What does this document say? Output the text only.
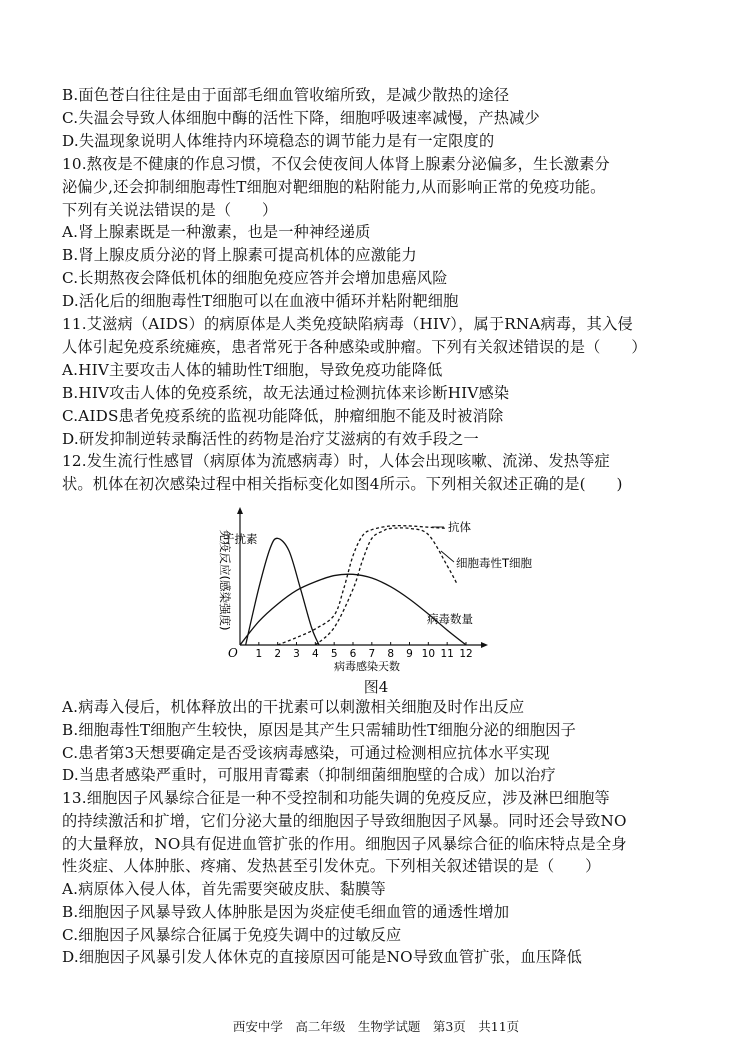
B.面色苍白往往是由于面部毛细血管收缩所致，是减少散热的途径
C.失温会导致人体细胞中酶的活性下降，细胞呼吸速率减慢，产热减少
D.失温现象说明人体维持内环境稳态的调节能力是有一定限度的
10.熬夜是不健康的作息习惯，不仅会使夜间人体肾上腺素分泌偏多，生长激素分
泌偏少,还会抑制细胞毒性T细胞对靶细胞的粘附能力,从而影响正常的免疫功能。
下列有关说法错误的是（　　）
A.肾上腺素既是一种激素，也是一种神经递质
B.肾上腺皮质分泌的肾上腺素可提高机体的应激能力
C.长期熬夜会降低机体的细胞免疫应答并会增加患癌风险
D.活化后的细胞毒性T细胞可以在血液中循环并粘附靶细胞
11.艾滋病（AIDS）的病原体是人类免疫缺陷病毒（HIV），属于RNA病毒，其入侵
人体引起免疫系统瘫痪，患者常死于各种感染或肿瘤。下列有关叙述错误的是（　　）
A.HIV主要攻击人体的辅助性T细胞，导致免疫功能降低
B.HIV攻击人体的免疫系统，故无法通过检测抗体来诊断HIV感染
C.AIDS患者免疫系统的监视功能降低，肿瘤细胞不能及时被消除
D.研发抑制逆转录酶活性的药物是治疗艾滋病的有效手段之一
12.发生流行性感冒（病原体为流感病毒）时，人体会出现咳嗽、流涕、发热等症
状。机体在初次感染过程中相关指标变化如图4所示。下列相关叙述正确的是(　　)
O 1 2 3 4 5 6 7 8 9 10 11 12
病毒感染天数
免疫反应(感染强度)
干扰素
病毒数量
抗体
细胞毒性T细胞
图4
A.病毒入侵后，机体释放出的干扰素可以刺激相关细胞及时作出反应
B.细胞毒性T细胞产生较快，原因是其产生只需辅助性T细胞分泌的细胞因子
C.患者第3天想要确定是否受该病毒感染，可通过检测相应抗体水平实现
D.当患者感染严重时，可服用青霉素（抑制细菌细胞壁的合成）加以治疗
13.细胞因子风暴综合征是一种不受控制和功能失调的免疫反应，涉及淋巴细胞等
的持续激活和扩增，它们分泌大量的细胞因子导致细胞因子风暴。同时还会导致NO
的大量释放，NO具有促进血管扩张的作用。细胞因子风暴综合征的临床特点是全身
性炎症、人体肿胀、疼痛、发热甚至引发休克。下列相关叙述错误的是（　　）
A.病原体入侵人体，首先需要突破皮肤、黏膜等
B.细胞因子风暴导致人体肿胀是因为炎症使毛细血管的通透性增加
C.细胞因子风暴综合征属于免疫失调中的过敏反应
D.细胞因子风暴引发人体休克的直接原因可能是NO导致血管扩张，血压降低
西安中学　高二年级　生物学试题　第3页　共11页
